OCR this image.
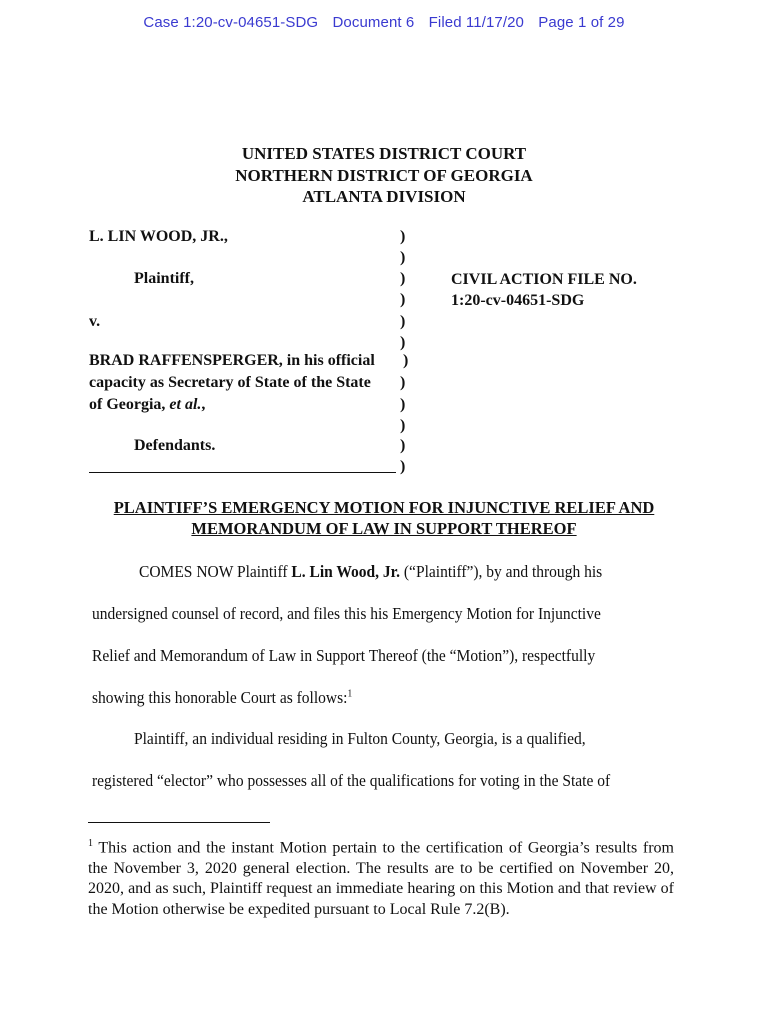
Case 1:20-cv-04651-SDG Document 6 Filed 11/17/20 Page 1 of 29
UNITED STATES DISTRICT COURT
NORTHERN DISTRICT OF GEORGIA
ATLANTA DIVISION
L. LIN WOOD, JR.,
Plaintiff,
v.
BRAD RAFFENSPERGER, in his official
capacity as Secretary of State of the State
of Georgia, et al.,
Defendants.
)
)
)
)
)
)
)
)
)
)
)
)
CIVIL ACTION FILE NO.
1:20-cv-04651-SDG
PLAINTIFF’S EMERGENCY MOTION FOR INJUNCTIVE RELIEF AND
MEMORANDUM OF LAW IN SUPPORT THEREOF
COMES NOW Plaintiff L. Lin Wood, Jr. (“Plaintiff”), by and through his
undersigned counsel of record, and files this his Emergency Motion for Injunctive
Relief and Memorandum of Law in Support Thereof (the “Motion”), respectfully
showing this honorable Court as follows:$^1$
Plaintiff, an individual residing in Fulton County, Georgia, is a qualified,
registered “elector” who possesses all of the qualifications for voting in the State of
$^1$ This action and the instant Motion pertain to the certification of Georgia’s results from the November 3, 2020 general election. The results are to be certified on November 20, 2020, and as such, Plaintiff request an immediate hearing on this Motion and that review of the Motion otherwise be expedited pursuant to Local Rule 7.2(B).
